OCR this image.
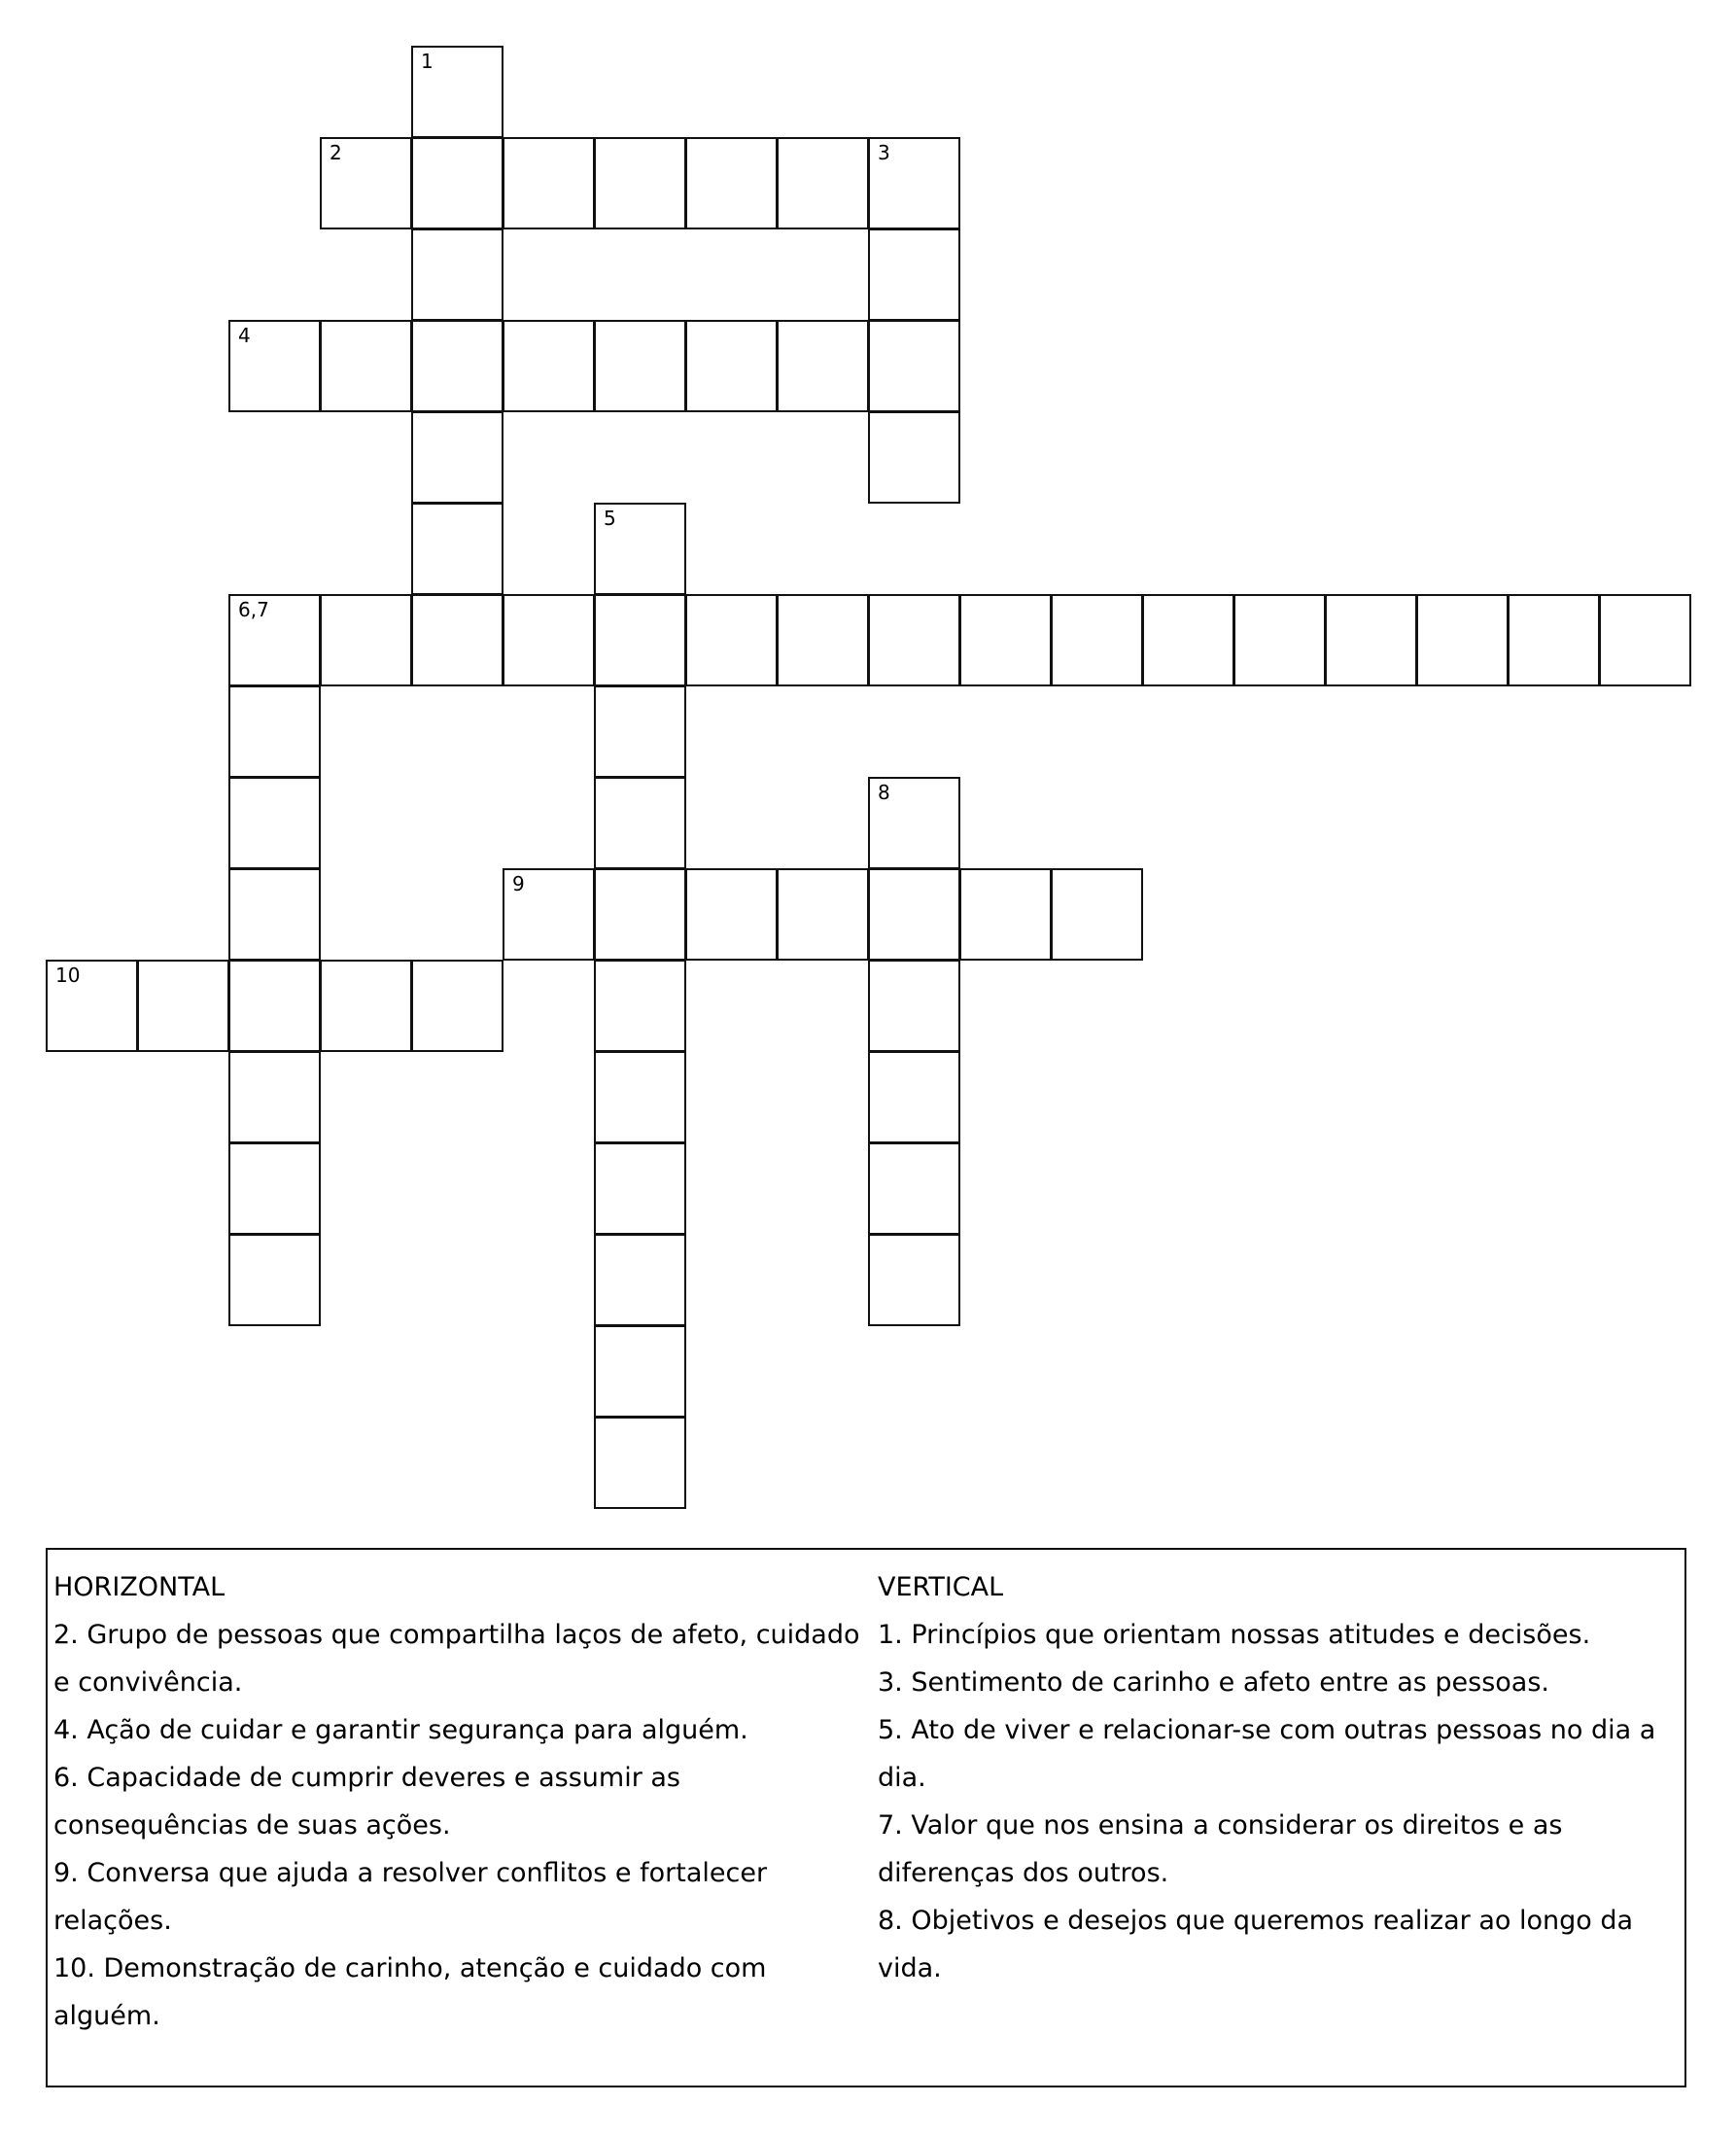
2	3
4
6,7
9
10
1
5
8
HORIZONTAL
2. Grupo de pessoas que compartilha laços de afeto, cuidado e convivência.
4. Ação de cuidar e garantir segurança para alguém.
6. Capacidade de cumprir deveres e assumir as consequências de suas ações.
9. Conversa que ajuda a resolver conflitos e fortalecer relações.
10. Demonstração de carinho, atenção e cuidado com alguém.
VERTICAL
1. Princípios que orientam nossas atitudes e decisões.
3. Sentimento de carinho e afeto entre as pessoas.
5. Ato de viver e relacionar-se com outras pessoas no dia a dia.
7. Valor que nos ensina a considerar os direitos e as diferenças dos outros.
8. Objetivos e desejos que queremos realizar ao longo da vida.
